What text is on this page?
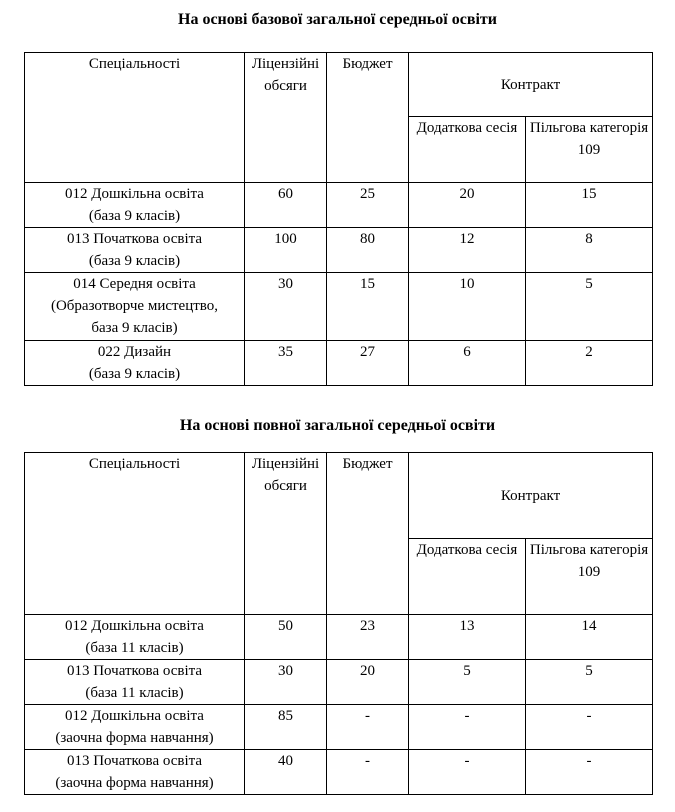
На основі базової загальної середньої освіти
Спеціальності	Ліцензійні обсяги	Бюджет	Контракт	
			Додаткова сесія	Пільгова категорія 109

012 Дошкільна освіта
(база 9 класів)	60	25	20	15

013 Початкова освіта
(база 9 класів)	100	80	12	8

014 Середня освіта
(Образотворче мистецтво,
база 9 класів)	30	15	10	5

022 Дизайн
(база 9 класів)	35	27	6	2
На основі повної загальної середньої освіти
Спеціальності	Ліцензійні обсяги	Бюджет	Контракт	
			Додаткова сесія	Пільгова категорія 109

012 Дошкільна освіта
(база 11 класів)	50	23	13	14

013 Початкова освіта
(база 11 класів)	30	20	5	5

012 Дошкільна освіта
(заочна форма навчання)	85	-	-	-

013 Початкова освіта
(заочна форма навчання)	40	-	-	-
